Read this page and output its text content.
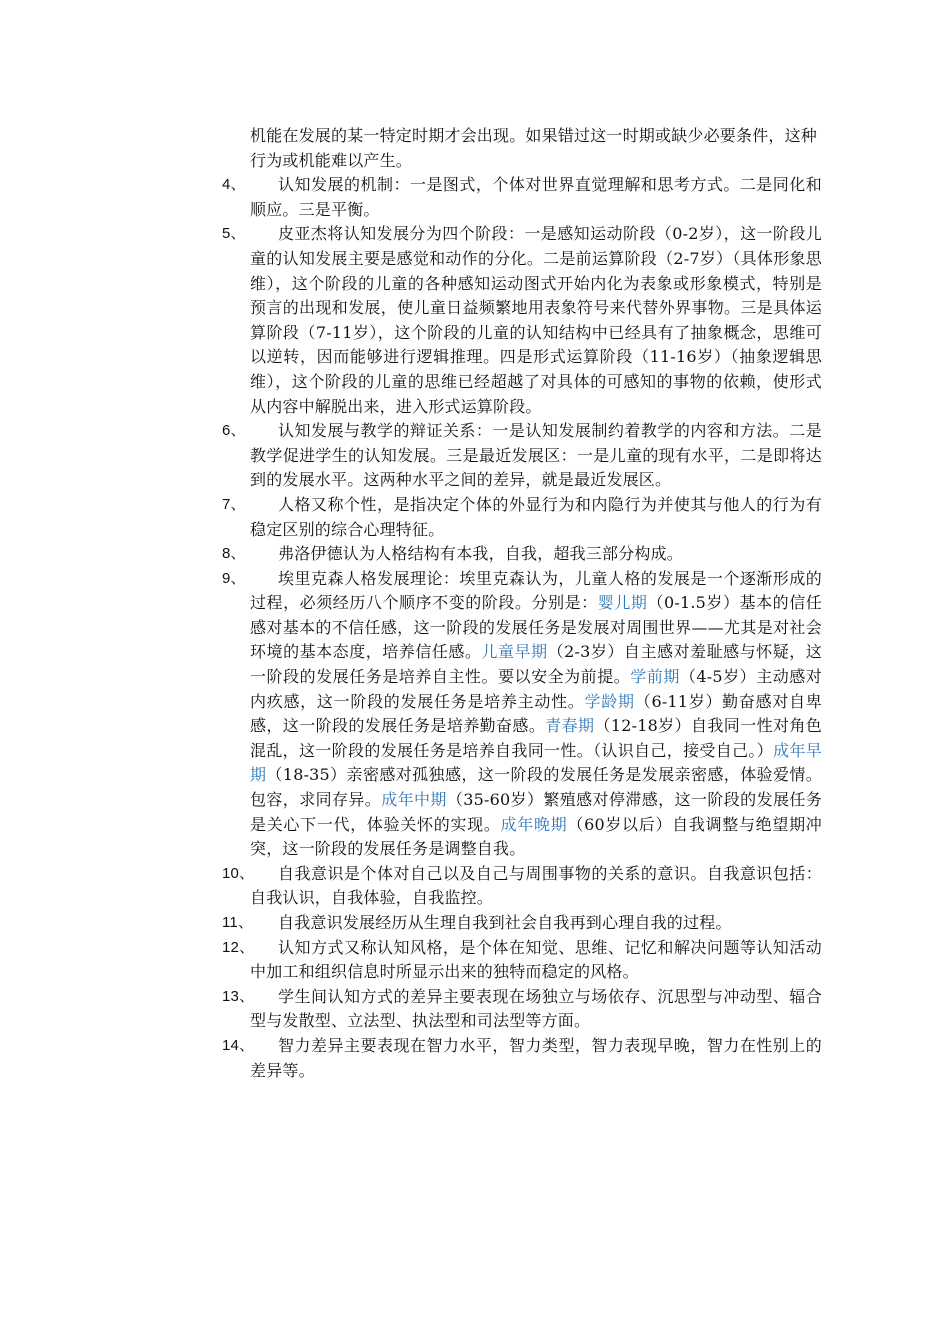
机能在发展的某一特定时期才会出现。如果错过这一时期或缺少必要条件，这种行为或机能难以产生。
4、	认知发展的机制：一是图式，个体对世界直觉理解和思考方式。二是同化和顺应。三是平衡。
5、	皮亚杰将认知发展分为四个阶段：一是感知运动阶段（0-2岁），这一阶段儿童的认知发展主要是感觉和动作的分化。二是前运算阶段（2-7岁）（具体形象思维），这个阶段的儿童的各种感知运动图式开始内化为表象或形象模式，特别是预言的出现和发展，使儿童日益频繁地用表象符号来代替外界事物。三是具体运算阶段（7-11岁），这个阶段的儿童的认知结构中已经具有了抽象概念，思维可以逆转，因而能够进行逻辑推理。四是形式运算阶段（11-16岁）（抽象逻辑思维），这个阶段的儿童的思维已经超越了对具体的可感知的事物的依赖，使形式从内容中解脱出来，进入形式运算阶段。
6、	认知发展与教学的辩证关系：一是认知发展制约着教学的内容和方法。二是教学促进学生的认知发展。三是最近发展区：一是儿童的现有水平，二是即将达到的发展水平。这两种水平之间的差异，就是最近发展区。
7、	人格又称个性，是指决定个体的外显行为和内隐行为并使其与他人的行为有稳定区别的综合心理特征。
8、	弗洛伊德认为人格结构有本我，自我，超我三部分构成。
9、	埃里克森人格发展理论：埃里克森认为，儿童人格的发展是一个逐渐形成的过程，必须经历八个顺序不变的阶段。分别是：婴儿期（0-1.5岁）基本的信任感对基本的不信任感，这一阶段的发展任务是发展对周围世界——尤其是对社会环境的基本态度，培养信任感。儿童早期（2-3岁）自主感对羞耻感与怀疑，这一阶段的发展任务是培养自主性。要以安全为前提。学前期（4-5岁）主动感对内疚感，这一阶段的发展任务是培养主动性。学龄期（6-11岁）勤奋感对自卑感，这一阶段的发展任务是培养勤奋感。青春期（12-18岁）自我同一性对角色混乱，这一阶段的发展任务是培养自我同一性。（认识自己，接受自己。）成年早期（18-35）亲密感对孤独感，这一阶段的发展任务是发展亲密感，体验爱情。包容，求同存异。成年中期（35-60岁）繁殖感对停滞感，这一阶段的发展任务是关心下一代，体验关怀的实现。成年晚期（60岁以后）自我调整与绝望期冲突，这一阶段的发展任务是调整自我。
10、	自我意识是个体对自己以及自己与周围事物的关系的意识。自我意识包括：自我认识，自我体验，自我监控。
11、	自我意识发展经历从生理自我到社会自我再到心理自我的过程。
12、	认知方式又称认知风格，是个体在知觉、思维、记忆和解决问题等认知活动中加工和组织信息时所显示出来的独特而稳定的风格。
13、	学生间认知方式的差异主要表现在场独立与场依存、沉思型与冲动型、辐合型与发散型、立法型、执法型和司法型等方面。
14、	智力差异主要表现在智力水平，智力类型，智力表现早晚，智力在性别上的差异等。
